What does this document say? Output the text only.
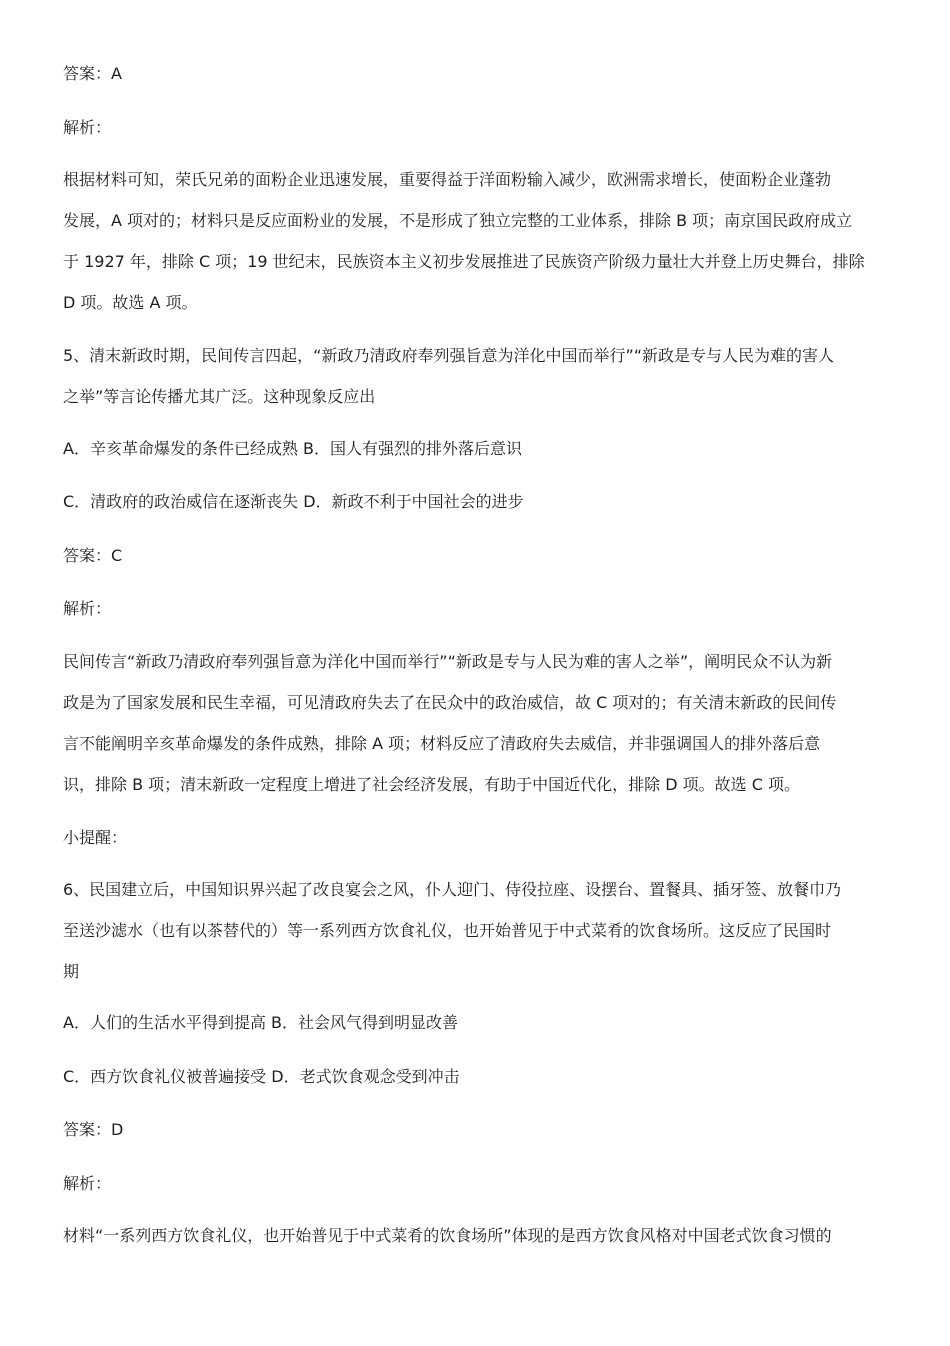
答案：A
解析：
根据材料可知，荣氏兄弟的面粉企业迅速发展，重要得益于洋面粉输入减少，欧洲需求增长，使面粉企业蓬勃
发展，A 项对的；材料只是反应面粉业的发展，不是形成了独立完整的工业体系，排除 B 项；南京国民政府成立
于 1927 年，排除 C 项；19 世纪末，民族资本主义初步发展推进了民族资产阶级力量壮大并登上历史舞台，排除
D 项。故选 A 项。
5、清末新政时期，民间传言四起，“新政乃清政府奉列强旨意为洋化中国而举行”“新政是专与人民为难的害人
之举”等言论传播尤其广泛。这种现象反应出
A．辛亥革命爆发的条件已经成熟 B．国人有强烈的排外落后意识
C．清政府的政治威信在逐渐丧失 D．新政不利于中国社会的进步
答案：C
解析：
民间传言“新政乃清政府奉列强旨意为洋化中国而举行”“新政是专与人民为难的害人之举”，阐明民众不认为新
政是为了国家发展和民生幸福，可见清政府失去了在民众中的政治威信，故 C 项对的；有关清末新政的民间传
言不能阐明辛亥革命爆发的条件成熟，排除 A 项；材料反应了清政府失去威信，并非强调国人的排外落后意
识，排除 B 项；清末新政一定程度上增进了社会经济发展，有助于中国近代化，排除 D 项。故选 C 项。
小提醒：
6、民国建立后，中国知识界兴起了改良宴会之风，仆人迎门、侍役拉座、设摆台、置餐具、插牙签、放餐巾乃
至送沙滤水（也有以茶替代的）等一系列西方饮食礼仪，也开始普见于中式菜肴的饮食场所。这反应了民国时
期
A．人们的生活水平得到提高 B．社会风气得到明显改善
C．西方饮食礼仪被普遍接受 D．老式饮食观念受到冲击
答案：D
解析：
材料“一系列西方饮食礼仪，也开始普见于中式菜肴的饮食场所”体现的是西方饮食风格对中国老式饮食习惯的
